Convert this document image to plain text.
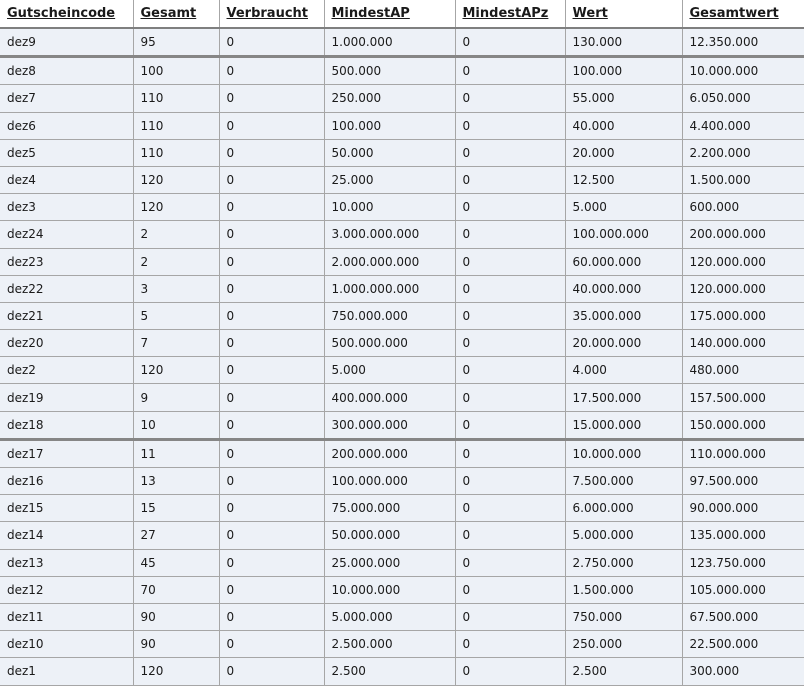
Gutscheincode	Gesamt	Verbraucht	MindestAP	MindestAPz	Wert	Gesamtwert
dez9	95	0	1.000.000	0	130.000	12.350.000
dez8	100	0	500.000	0	100.000	10.000.000
dez7	110	0	250.000	0	55.000	6.050.000
dez6	110	0	100.000	0	40.000	4.400.000
dez5	110	0	50.000	0	20.000	2.200.000
dez4	120	0	25.000	0	12.500	1.500.000
dez3	120	0	10.000	0	5.000	600.000
dez24	2	0	3.000.000.000	0	100.000.000	200.000.000
dez23	2	0	2.000.000.000	0	60.000.000	120.000.000
dez22	3	0	1.000.000.000	0	40.000.000	120.000.000
dez21	5	0	750.000.000	0	35.000.000	175.000.000
dez20	7	0	500.000.000	0	20.000.000	140.000.000
dez2	120	0	5.000	0	4.000	480.000
dez19	9	0	400.000.000	0	17.500.000	157.500.000
dez18	10	0	300.000.000	0	15.000.000	150.000.000
dez17	11	0	200.000.000	0	10.000.000	110.000.000
dez16	13	0	100.000.000	0	7.500.000	97.500.000
dez15	15	0	75.000.000	0	6.000.000	90.000.000
dez14	27	0	50.000.000	0	5.000.000	135.000.000
dez13	45	0	25.000.000	0	2.750.000	123.750.000
dez12	70	0	10.000.000	0	1.500.000	105.000.000
dez11	90	0	5.000.000	0	750.000	67.500.000
dez10	90	0	2.500.000	0	250.000	22.500.000
dez1	120	0	2.500	0	2.500	300.000
